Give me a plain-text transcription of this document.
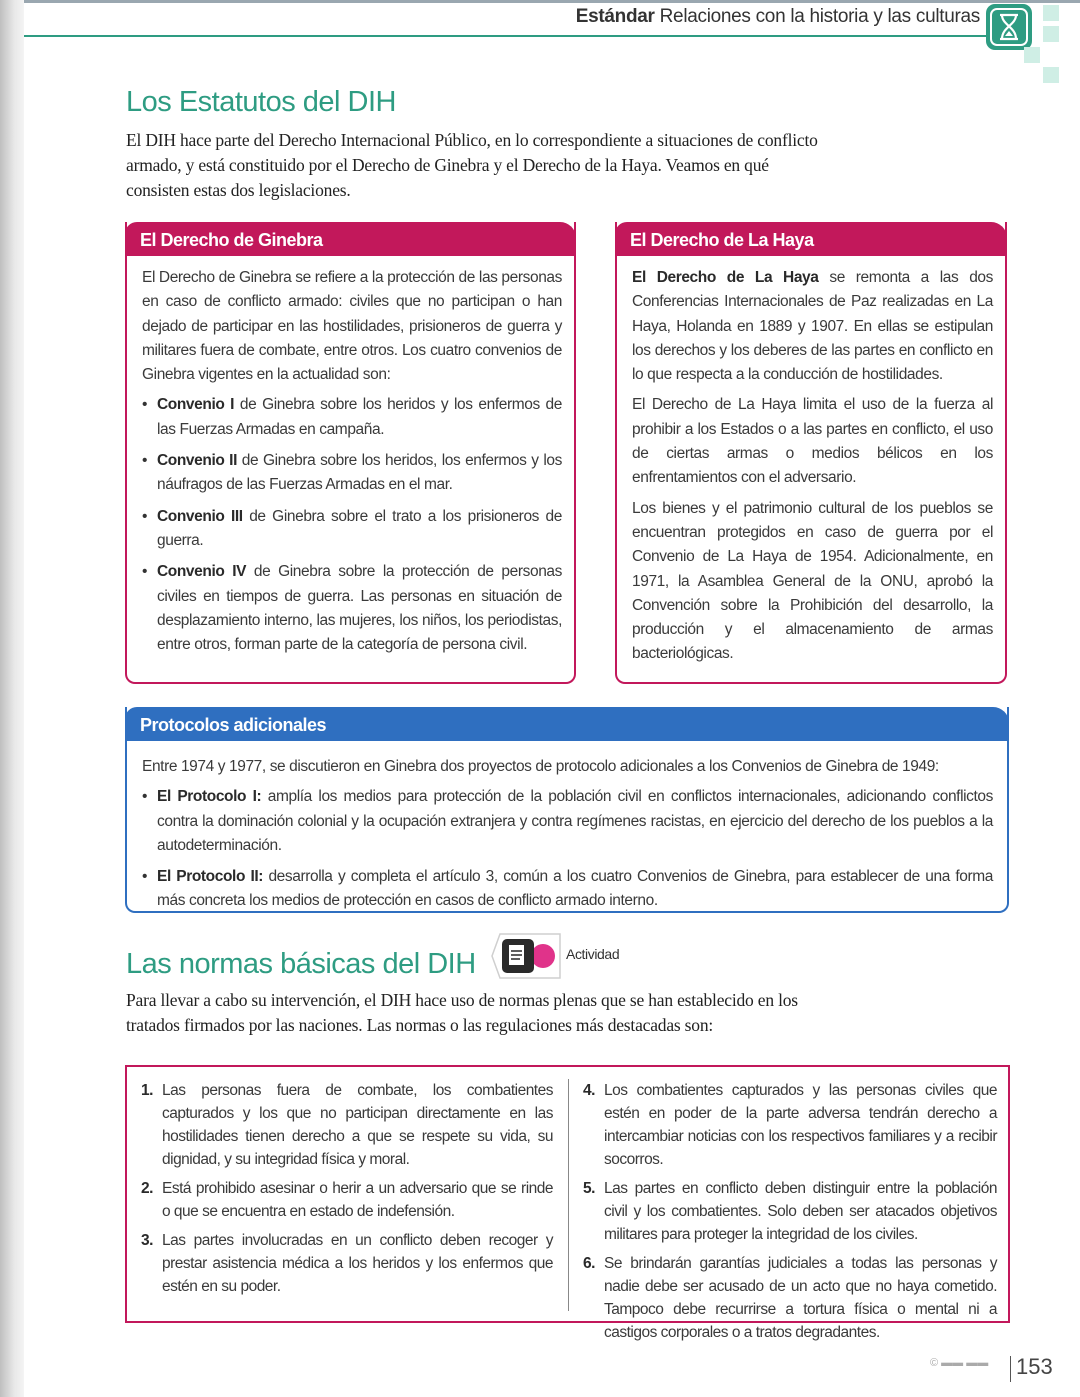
Estándar Relaciones con la historia y las culturas
Los Estatutos del DIH
El DIH hace parte del Derecho Internacional Público, en lo correspondiente a situaciones de conflicto armado, y está constituido por el Derecho de Ginebra y el Derecho de la Haya. Veamos en qué consisten estas dos legislaciones.
El Derecho de Ginebra

El Derecho de Ginebra se refiere a la protección de las personas en caso de conflicto armado: civiles que no participan o han dejado de participar en las hostilidades, prisioneros de guerra y militares fuera de combate, entre otros. Los cuatro convenios de Ginebra vigentes en la actualidad son:

• Convenio I de Ginebra sobre los heridos y los enfermos de las Fuerzas Armadas en campaña.
• Convenio II de Ginebra sobre los heridos, los enfermos y los náufragos de las Fuerzas Armadas en el mar.
• Convenio III de Ginebra sobre el trato a los prisioneros de guerra.
• Convenio IV de Ginebra sobre la protección de personas civiles en tiempos de guerra. Las personas en situación de desplazamiento interno, las mujeres, los niños, los periodistas, entre otros, forman parte de la categoría de persona civil.
El Derecho de La Haya

El Derecho de La Haya se remonta a las dos Conferencias Internacionales de Paz realizadas en La Haya, Holanda en 1889 y 1907. En ellas se estipulan los derechos y los deberes de las partes en conflicto en lo que respecta a la conducción de hostilidades.

El Derecho de La Haya limita el uso de la fuerza al prohibir a los Estados o a las partes en conflicto, el uso de ciertas armas o medios bélicos en los enfrentamientos con el adversario.

Los bienes y el patrimonio cultural de los pueblos se encuentran protegidos en caso de guerra por el Convenio de La Haya de 1954. Adicionalmente, en 1971, la Asamblea General de la ONU, aprobó la Convención sobre la Prohibición del desarrollo, la producción y el almacenamiento de armas bacteriológicas.

Protocolos adicionales

Entre 1974 y 1977, se discutieron en Ginebra dos proyectos de protocolo adicionales a los Convenios de Ginebra de 1949:

• El Protocolo I: amplía los medios para protección de la población civil en conflictos internacionales, adicionando conflictos contra la dominación colonial y la ocupación extranjera y contra regímenes racistas, en ejercicio del derecho de los pueblos a la autodeterminación.
• El Protocolo II: desarrolla y completa el artículo 3, común a los cuatro Convenios de Ginebra, para establecer de una forma más concreta los medios de protección en casos de conflicto armado interno.
Las normas básicas del DIH	Actividad
Para llevar a cabo su intervención, el DIH hace uso de normas plenas que se han establecido en los tratados firmados por las naciones. Las normas o las regulaciones más destacadas son:
1. Las personas fuera de combate, los combatientes capturados y los que no participan directamente en las hostilidades tienen derecho a que se respete su vida, su dignidad, y su integridad física y moral.
2. Está prohibido asesinar o herir a un adversario que se rinde o que se encuentra en estado de indefensión.
3. Las partes involucradas en un conflicto deben recoger y prestar asistencia médica a los heridos y los enfermos que estén en su poder.
4. Los combatientes capturados y las personas civiles que estén en poder de la parte adversa tendrán derecho a intercambiar noticias con los respectivos familiares y a recibir socorros.
5. Las partes en conflicto deben distinguir entre la población civil y los combatientes. Solo deben ser atacados objetivos militares para proteger la integridad de los civiles.
6. Se brindarán garantías judiciales a todas las personas y nadie debe ser acusado de un acto que no haya cometido. Tampoco debe recurrirse a tortura física o mental ni a castigos corporales o a tratos degradantes.
© ▬▬ ▬▬ 153
